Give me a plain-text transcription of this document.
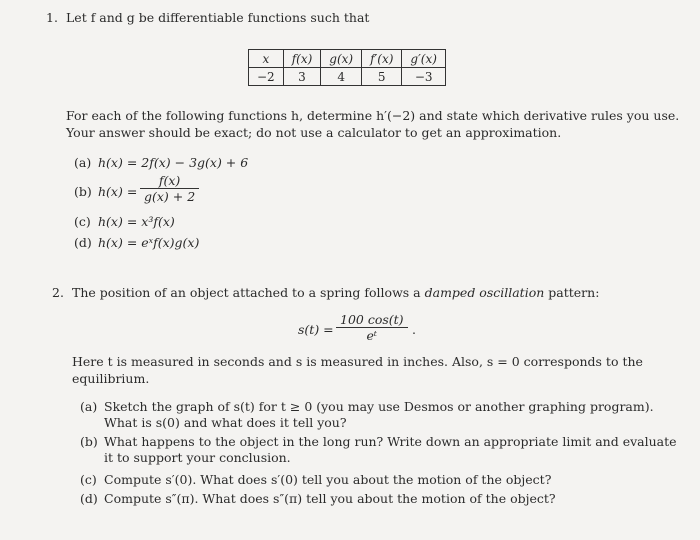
1. Let f and g be differentiable functions such that
x	f(x)	g(x)	f′(x)	g′(x)
−2	3	4	5	−3
For each of the following functions h, determine h′(−2) and state which derivative rules you use.
Your answer should be exact; do not use a calculator to get an approximation.
(a) h(x) = 2f(x) − 3g(x) + 6
(b) $h(x) = \frac{f(x)}{g(x) + 2}$
(c) h(x) = x³f(x)
(d) h(x) = eˣf(x)g(x)
2. The position of an object attached to a spring follows a damped oscillation pattern:
$s(t) = \frac{100 \cos(t)}{\text{eᵗ}}$ .
Here t is measured in seconds and s is measured in inches. Also, s = 0 corresponds to the
equilibrium.
(a) Sketch the graph of s(t) for t ≥ 0 (you may use Desmos or another graphing program).
What is s(0) and what does it tell you?
(b) What happens to the object in the long run? Write down an appropriate limit and evaluate
it to support your conclusion.
(c) Compute s′(0). What does s′(0) tell you about the motion of the object?
(d) Compute s″(π). What does s″(π) tell you about the motion of the object?
